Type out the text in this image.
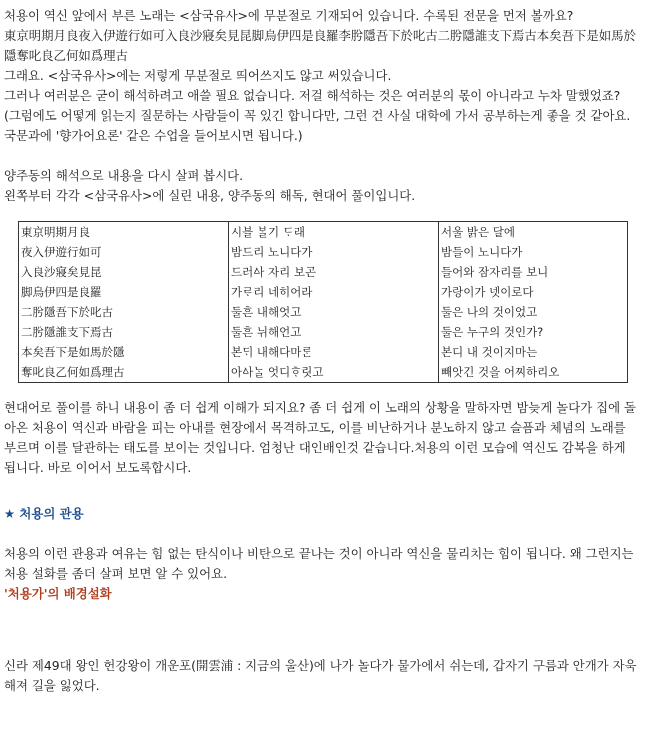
처용이 역신 앞에서 부른 노래는 <삼국유사>에 무분절로 기재되어 있습니다. 수록된 전문을 먼저 볼까요?

東京明期月良夜入伊遊行如可入良沙寢矣見昆脚烏伊四是良羅李肹隱吾下於叱古二肹隱誰支下焉古本矣吾下是如馬於隱奪叱良乙何如爲理古

그래요. <삼국유사>에는 저렇게 무분절로 띄어쓰지도 않고 써있습니다.

그러나 여러분은 굳이 해석하려고 애쓸 필요 없습니다. 저걸 해석하는 것은 여러분의 몫이 아니라고 누차 말했었죠? (그럼에도 어떻게 읽는지 질문하는 사람들이 꼭 있긴 합니다만, 그런 건 사실 대학에 가서 공부하는게 좋을 것 같아요. 국문과에 '향가어요론' 같은 수업을 들어보시면 됩니다.)

양주동의 해석으로 내용을 다시 살펴 봅시다.

왼쪽부터 각각 <삼국유사>에 실린 내용, 양주동의 해독, 현대어 풀이입니다.

東京明期月良	시블 ᄇᆞᆯ기 ᄃᆞ래	서울 밝은 달에
夜入伊遊行如可	밤드리 노니다가	밤들이 노니다가
入良沙寢矣見昆	드러ᅀᅡ 자리 보곤	들어와 잠자리를 보니
脚烏伊四是良羅	가ᄅᆞ리 네히어라	가랑이가 넷이로다
二肹隱吾下於叱古	둘흔 내해엇고	둘은 나의 것이었고
二肹隱誰支下焉古	둘흔 뉘해언고	둘은 누구의 것인가?
本矣吾下是如馬於隱	본ᄃᆡ 내해다마ᄅᆞᆫ	본디 내 것이지마는
奪叱良乙何如爲理古	아ᅀᅡᄂᆞᆯ 엇디ᄒᆞ릿고	빼앗긴 것을 어찌하리오

현대어로 풀이를 하니 내용이 좀 더 쉽게 이해가 되지요? 좀 더 쉽게 이 노래의 상황을 말하자면 밤늦게 놀다가 집에 돌아온 처용이 역신과 바람을 피는 아내를 현장에서 목격하고도, 이를 비난하거나 분노하지 않고 슬픔과 체념의 노래를 부르며 이를 달관하는 태도를 보이는 것입니다. 엄청난 대인배인것 같습니다.처용의 이런 모습에 역신도 감복을 하게 됩니다. 바로 이어서 보도록합시다.

★ 처용의 관용

처용의 이런 관용과 여유는 힘 없는 탄식이나 비탄으로 끝나는 것이 아니라 역신을 물리치는 힘이 됩니다. 왜 그런지는 처용 설화를 좀더 살펴 보면 알 수 있어요.

'처용가'의 배경설화

신라 제49대 왕인 헌강왕이 개운포(開雲浦 : 지금의 울산)에 나가 놀다가 물가에서 쉬는데, 갑자기 구름과 안개가 자욱해져 길을 잃었다.
